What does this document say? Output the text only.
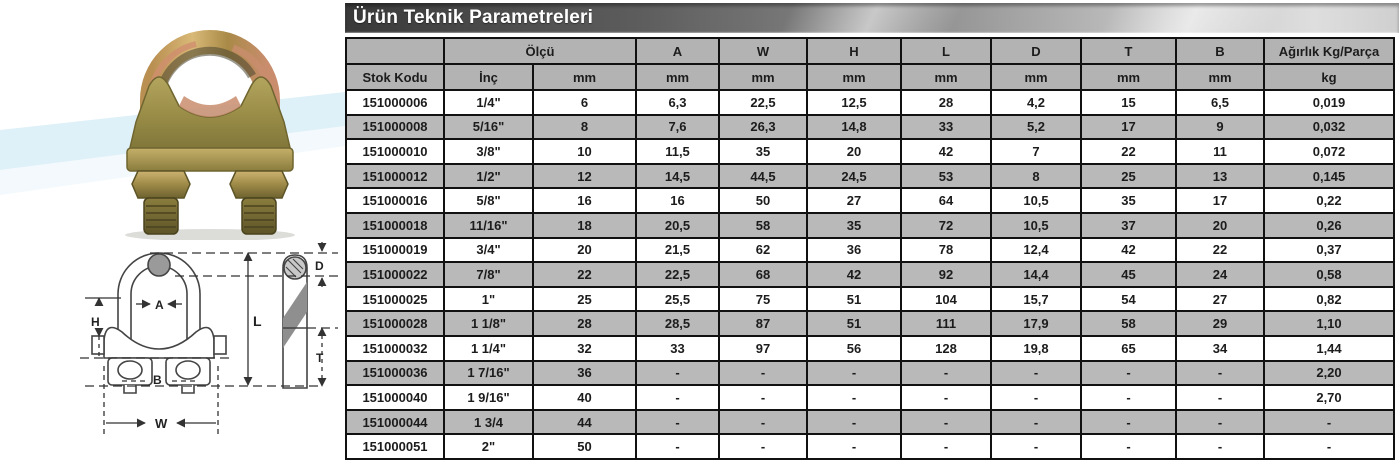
A
H	L
B
W
D
T
Ürün Teknik Parametreleri
	Ölçü		A	W	H	L	D	T	B	Ağırlık Kg/Parça
Stok Kodu	İnç	mm	mm	mm	mm	mm	mm	mm	mm	kg
151000006	1/4"	6	6,3	22,5	12,5	28	4,2	15	6,5	0,019
151000008	5/16"	8	7,6	26,3	14,8	33	5,2	17	9	0,032
151000010	3/8"	10	11,5	35	20	42	7	22	11	0,072
151000012	1/2"	12	14,5	44,5	24,5	53	8	25	13	0,145
151000016	5/8"	16	16	50	27	64	10,5	35	17	0,22
151000018	11/16"	18	20,5	58	35	72	10,5	37	20	0,26
151000019	3/4"	20	21,5	62	36	78	12,4	42	22	0,37
151000022	7/8"	22	22,5	68	42	92	14,4	45	24	0,58
151000025	1"	25	25,5	75	51	104	15,7	54	27	0,82
151000028	1 1/8"	28	28,5	87	51	111	17,9	58	29	1,10
151000032	1 1/4"	32	33	97	56	128	19,8	65	34	1,44
151000036	1 7/16"	36	-	-	-	-	-	-	-	2,20
151000040	1 9/16"	40	-	-	-	-	-	-	-	2,70
151000044	1 3/4	44	-	-	-	-	-	-	-	-
151000051	2"	50	-	-	-	-	-	-	-	-
